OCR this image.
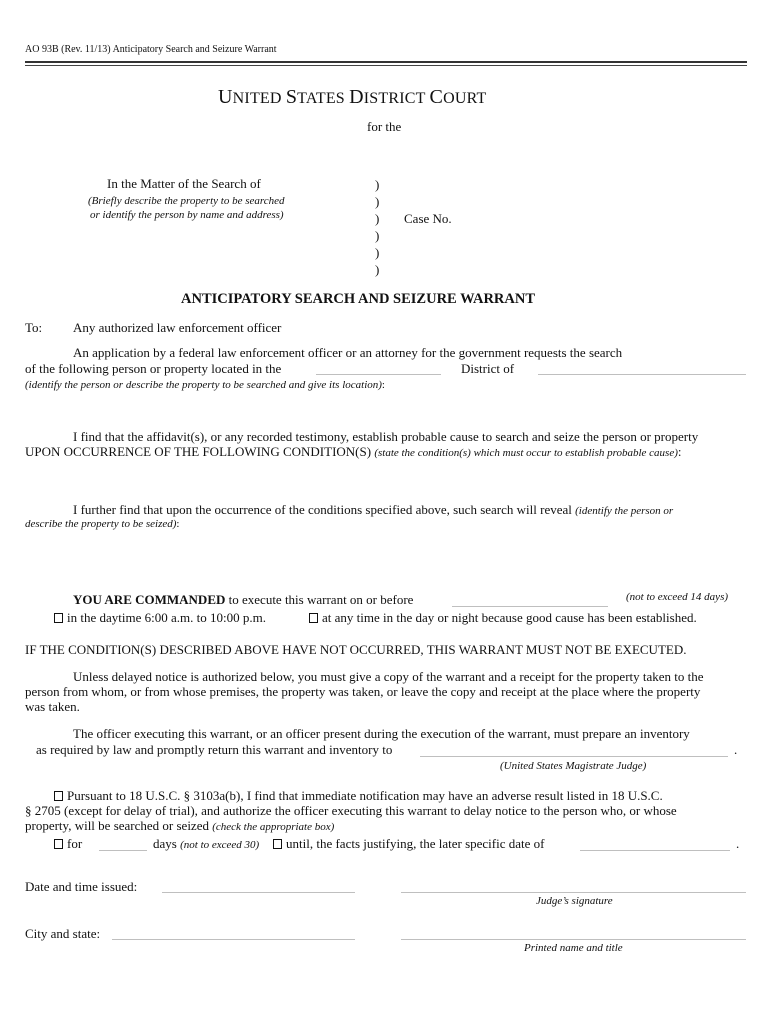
AO 93B (Rev. 11/13) Anticipatory Search and Seizure Warrant
UNITED STATES DISTRICT COURT
for the
In the Matter of the Search of
(Briefly describe the property to be searched
or identify the person by name and address)
)
)
)
)
)
)
Case No.
ANTICIPATORY SEARCH AND SEIZURE WARRANT
To: Any authorized law enforcement officer
An application by a federal law enforcement officer or an attorney for the government requests the search
of the following person or property located in the	District of
(identify the person or describe the property to be searched and give its location):
I find that the affidavit(s), or any recorded testimony, establish probable cause to search and seize the person or property
UPON OCCURRENCE OF THE FOLLOWING CONDITION(S) (state the condition(s) which must occur to establish probable cause):
I further find that upon the occurrence of the conditions specified above, such search will reveal (identify the person or
describe the property to be seized):
YOU ARE COMMANDED to execute this warrant on or before	(not to exceed 14 days)
in the daytime 6:00 a.m. to 10:00 p.m.	at any time in the day or night because good cause has been established.
IF THE CONDITION(S) DESCRIBED ABOVE HAVE NOT OCCURRED, THIS WARRANT MUST NOT BE EXECUTED.
Unless delayed notice is authorized below, you must give a copy of the warrant and a receipt for the property taken to the
person from whom, or from whose premises, the property was taken, or leave the copy and receipt at the place where the property
was taken.
The officer executing this warrant, or an officer present during the execution of the warrant, must prepare an inventory
as required by law and promptly return this warrant and inventory to	.
(United States Magistrate Judge)
Pursuant to 18 U.S.C. § 3103a(b), I find that immediate notification may have an adverse result listed in 18 U.S.C.
§ 2705 (except for delay of trial), and authorize the officer executing this warrant to delay notice to the person who, or whose
property, will be searched or seized (check the appropriate box)
for	days (not to exceed 30)	until, the facts justifying, the later specific date of	.
Date and time issued:
Judge’s signature
City and state:
Printed name and title
